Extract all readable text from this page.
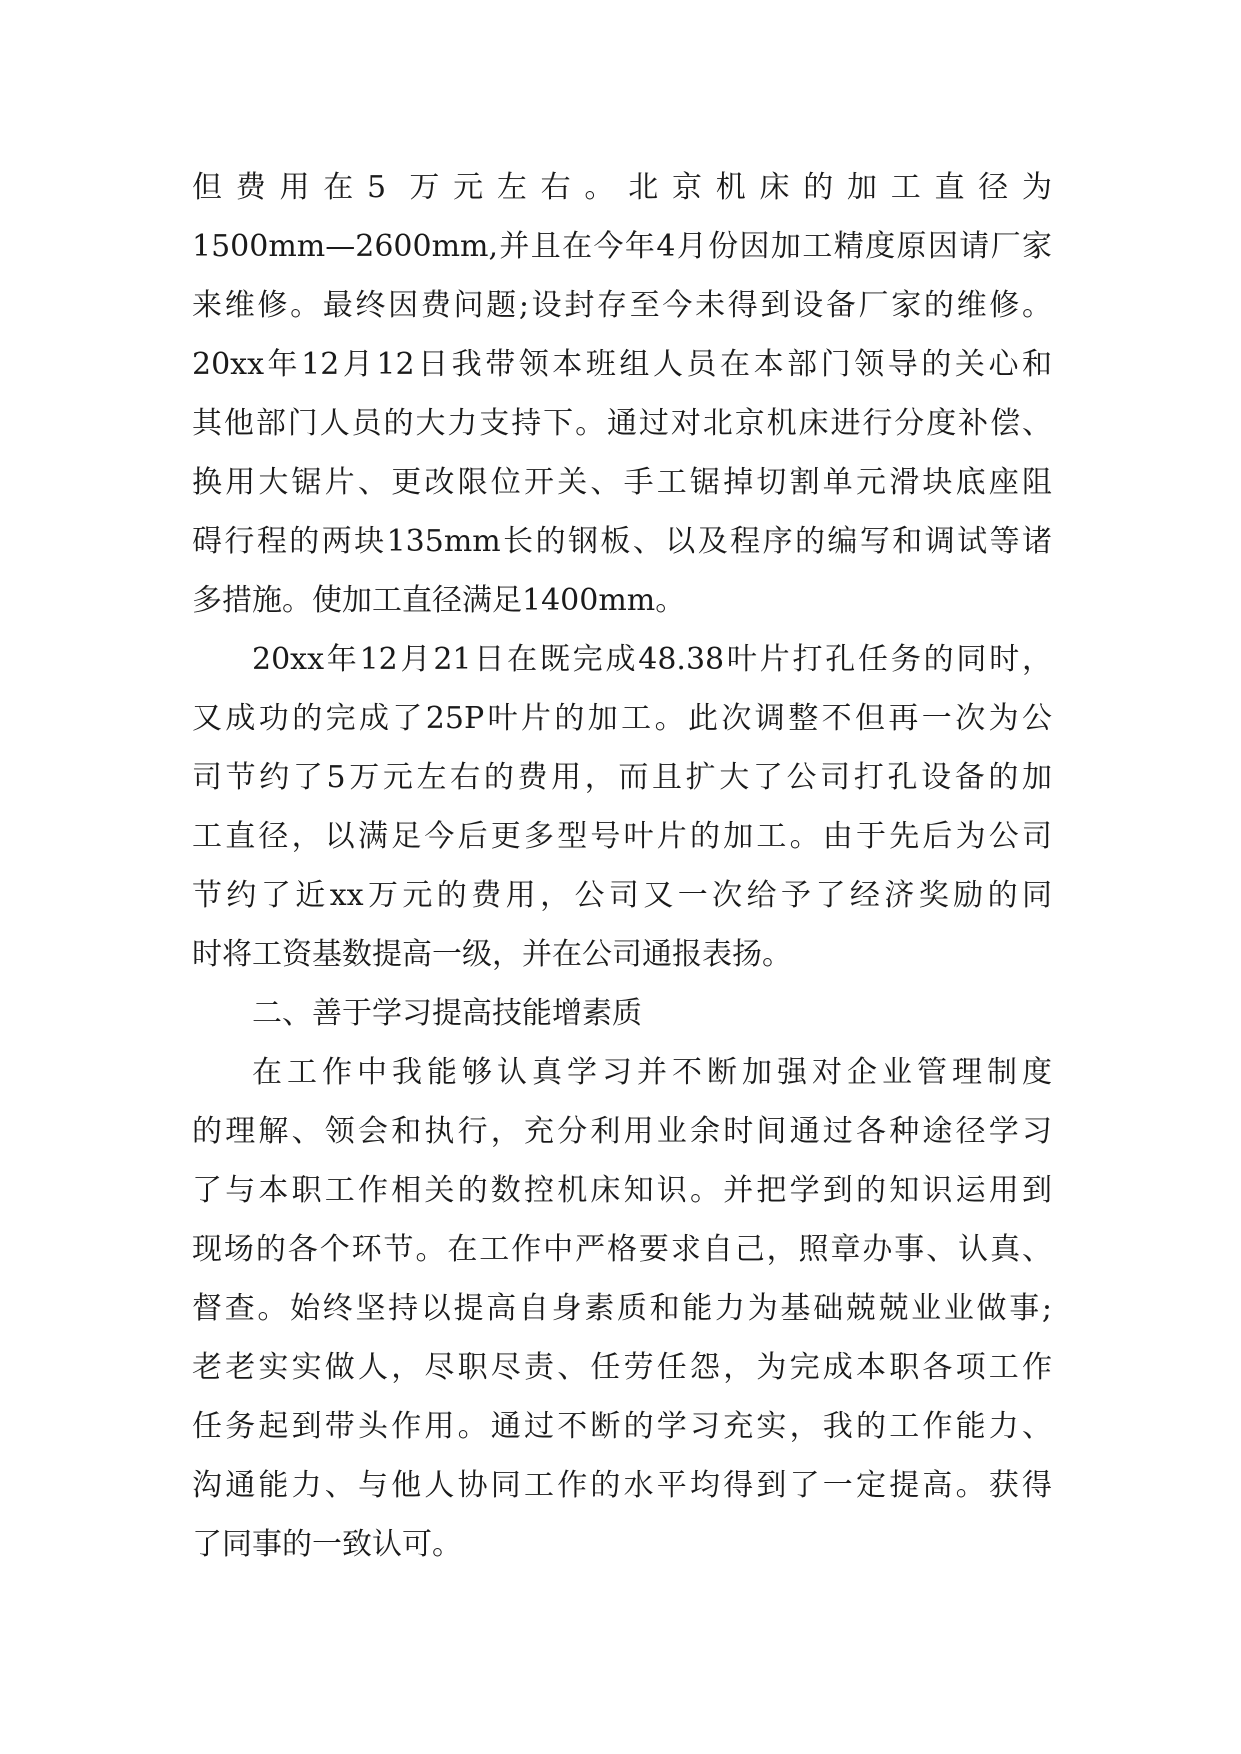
但费用在5 万元左右。北京机床的加工直径为
1500mm—2600mm,并且在今年4月份因加工精度原因请厂家
来维修。最终因费问题;设封存至今未得到设备厂家的维修。
20xx年12月12日我带领本班组人员在本部门领导的关心和
其他部门人员的大力支持下。通过对北京机床进行分度补偿、
换用大锯片、更改限位开关、手工锯掉切割单元滑块底座阻
碍行程的两块135mm长的钢板、以及程序的编写和调试等诸
多措施。使加工直径满足1400mm。
20xx年12月21日在既完成48.38叶片打孔任务的同时，
又成功的完成了25P叶片的加工。此次调整不但再一次为公
司节约了5万元左右的费用，而且扩大了公司打孔设备的加
工直径，以满足今后更多型号叶片的加工。由于先后为公司
节约了近xx万元的费用，公司又一次给予了经济奖励的同
时将工资基数提高一级，并在公司通报表扬。
二、善于学习提高技能增素质
在工作中我能够认真学习并不断加强对企业管理制度
的理解、领会和执行，充分利用业余时间通过各种途径学习
了与本职工作相关的数控机床知识。并把学到的知识运用到
现场的各个环节。在工作中严格要求自己，照章办事、认真、
督查。始终坚持以提高自身素质和能力为基础兢兢业业做事;
老老实实做人，尽职尽责、任劳任怨，为完成本职各项工作
任务起到带头作用。通过不断的学习充实，我的工作能力、
沟通能力、与他人协同工作的水平均得到了一定提高。获得
了同事的一致认可。
